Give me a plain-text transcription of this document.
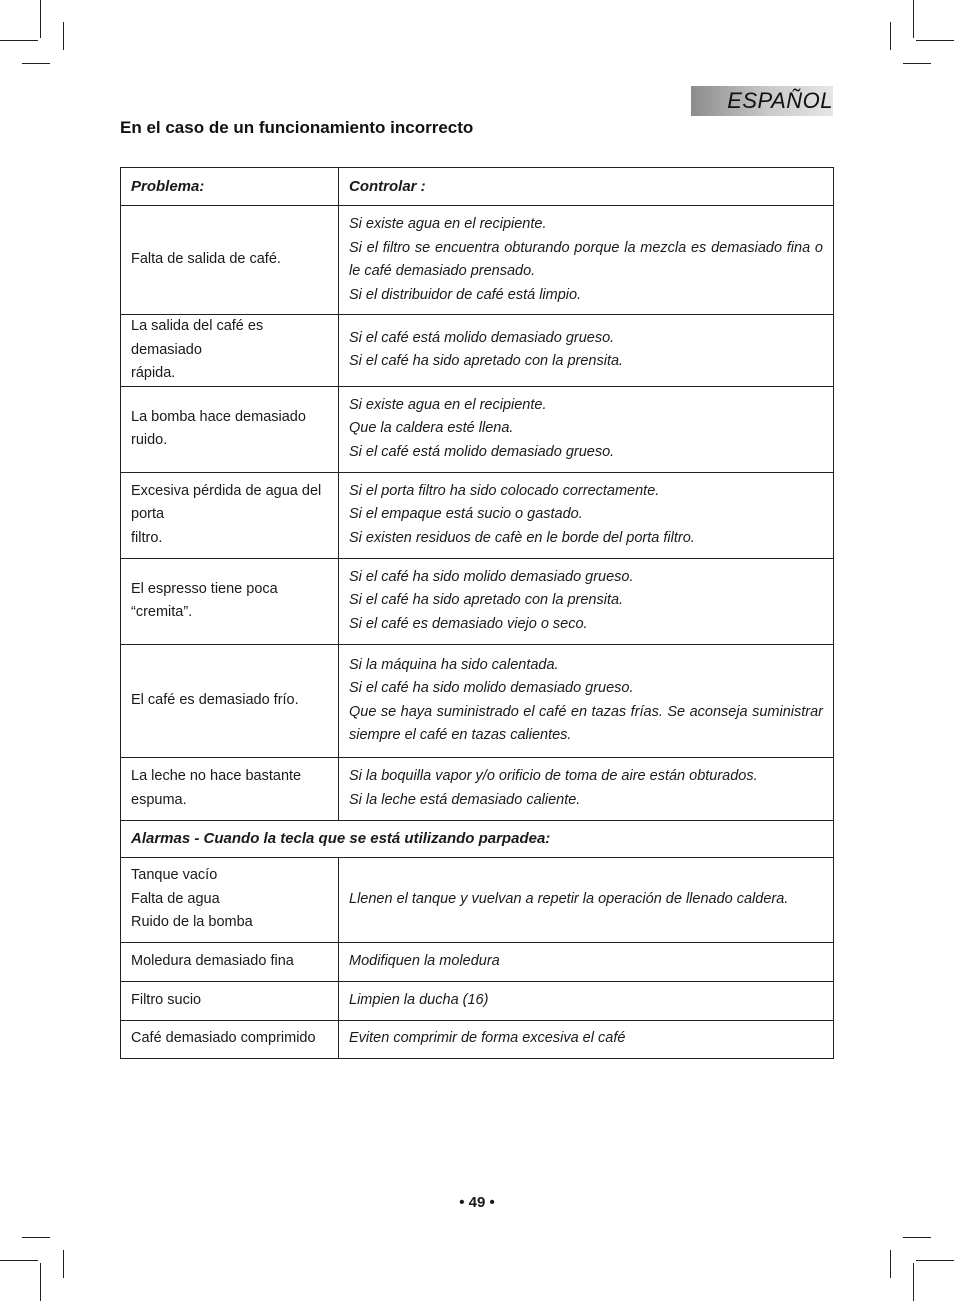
ESPAÑOL
En el caso de un funcionamiento incorrecto
Problema:	Controlar :

Falta de salida de café.	Si existe agua en el recipiente.
Si el filtro se encuentra obturando porque la mezcla es demasiado fina o le café demasiado prensado.
Si el distribuidor de café está limpio.

La salida del café es demasiado
rápida.	Si el café está molido demasiado grueso.
Si el café ha sido apretado con la prensita.

La bomba hace demasiado ruido.	Si existe agua en el recipiente.
Que la caldera esté llena.
Si el café está molido demasiado grueso.

Excesiva pérdida de agua del porta
filtro.	Si el porta filtro ha sido colocado correctamente.
Si el empaque está sucio o gastado.
Si existen residuos de cafè en le borde del porta filtro.

El espresso tiene poca “cremita”.	Si el café ha sido molido demasiado grueso.
Si el café ha sido apretado con la prensita.
Si el café es demasiado viejo o seco.

El café es demasiado frío.	Si la máquina ha sido calentada.
Si el café ha sido molido demasiado grueso.
Que se haya suministrado el café en tazas frías. Se aconseja suministrar siempre el café en tazas calientes.

La leche no hace bastante
espuma.	Si la boquilla vapor y/o orificio de toma de aire están obturados.
Si la leche está demasiado caliente.

Alarmas - Cuando la tecla que se está utilizando parpadea:	

Tanque vacío
Falta de agua
Ruido de la bomba	Llenen el tanque y vuelvan a repetir la operación de llenado caldera.

Moledura demasiado fina	Modifiquen la moledura

Filtro sucio	Limpien la ducha (16)

Café demasiado comprimido	Eviten comprimir de forma excesiva el café
• 49 •
